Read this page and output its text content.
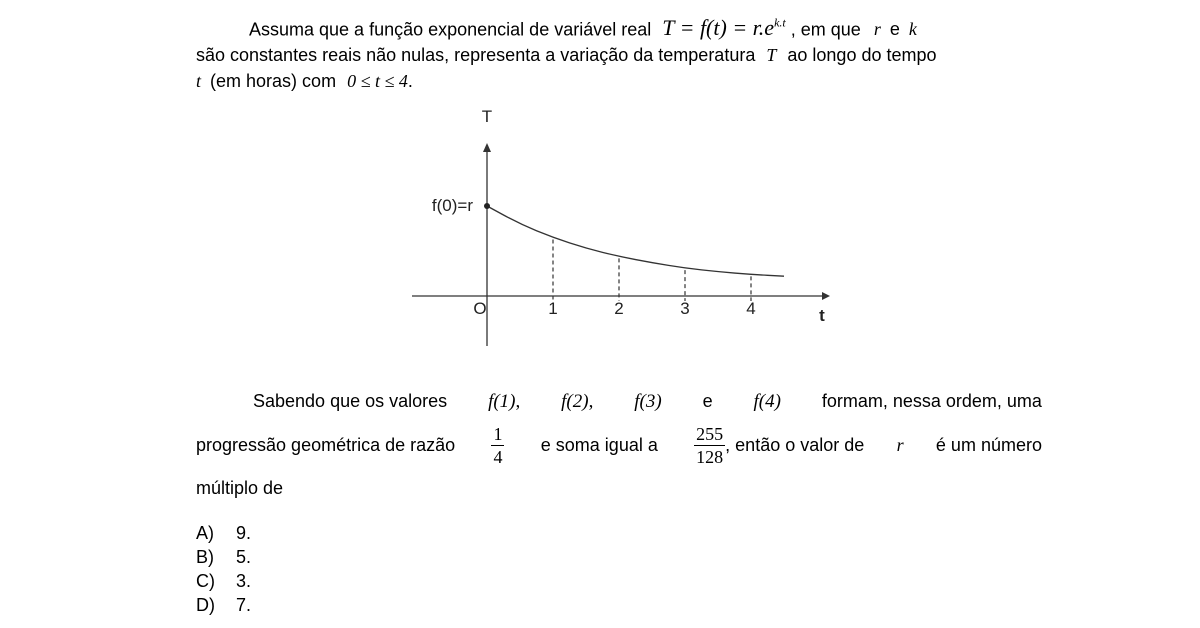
Assuma que a função exponencial de variável real $T = f(t) = r.e^{k.t}$ , em que r e k
são constantes reais não nulas, representa a variação da temperatura T ao longo do tempo
t (em horas) com 0 ≤ t ≤ 4.
1	2	3	4
O
T
t
f(0)=r
Sabendo que os valores f(1), f(2), f(3) e f(4) formam, nessa ordem, uma
progressão geométrica de razão $\frac{1}{4}$ e soma igual a $\frac{255}{128}$ , então o valor de r é um número
múltiplo de
A) 9.
B) 5.
C) 3.
D) 7.
